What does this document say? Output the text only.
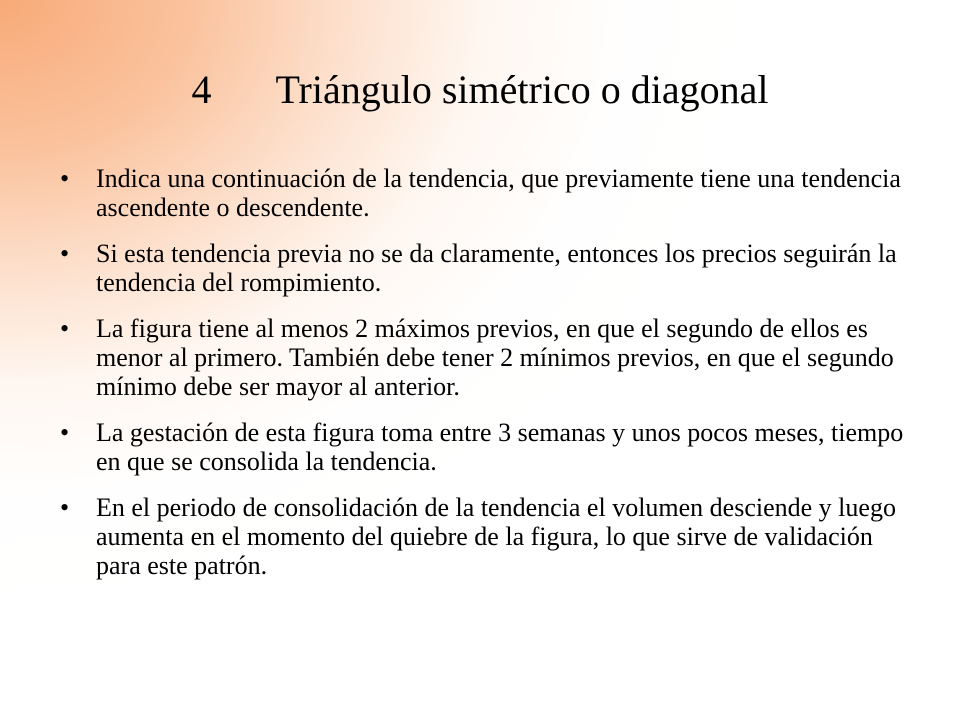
4 Triángulo simétrico o diagonal
•	Indica una continuación de la tendencia, que previamente tiene una tendencia ascendente o descendente.
•	Si esta tendencia previa no se da claramente, entonces los precios seguirán la tendencia del rompimiento.
•	La figura tiene al menos 2 máximos previos, en que el segundo de ellos es menor al primero. También debe tener 2 mínimos previos, en que el segundo mínimo debe ser mayor al anterior.
•	La gestación de esta figura toma entre 3 semanas y unos pocos meses, tiempo en que se consolida la tendencia.
•	En el periodo de consolidación de la tendencia el volumen desciende y luego aumenta en el momento del quiebre de la figura, lo que sirve de validación para este patrón.
